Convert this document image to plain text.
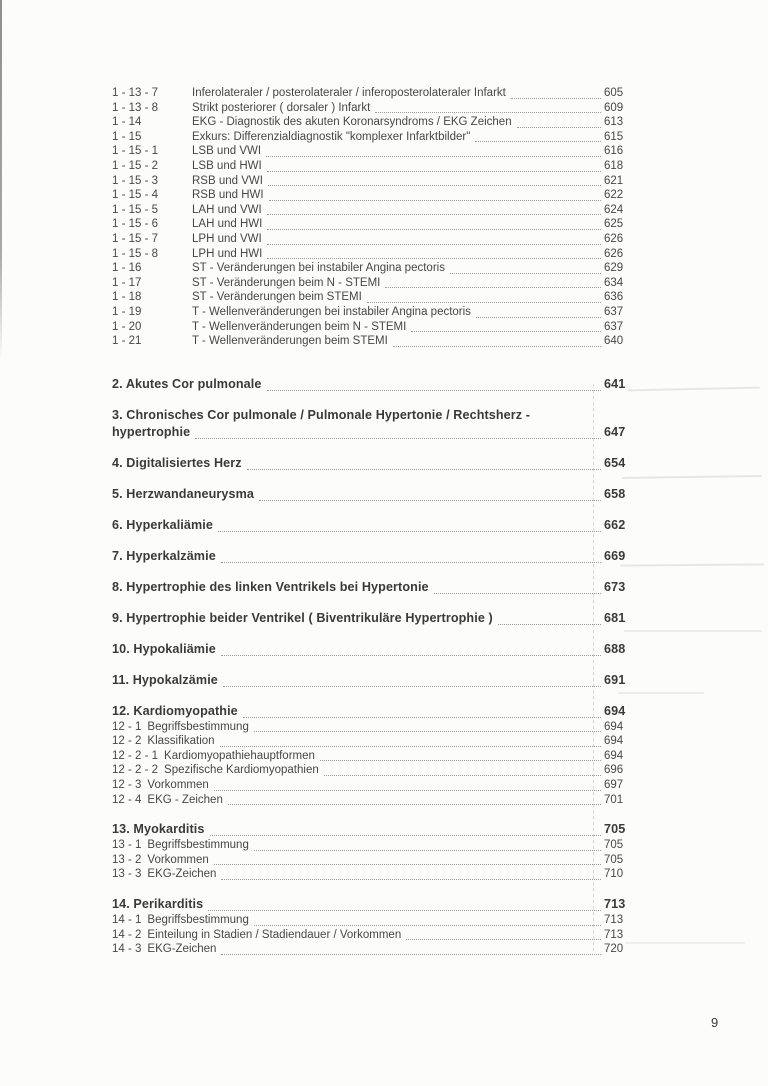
1 - 13 - 7	Inferolateraler / posterolateraler / inferoposterolateraler Infarkt	605
1 - 13 - 8	Strikt posteriorer ( dorsaler ) Infarkt	609
1 - 14	EKG - Diagnostik des akuten Koronarsyndroms / EKG Zeichen	613
1 - 15	Exkurs: Differenzialdiagnostik "komplexer Infarktbilder"	615
1 - 15 - 1	LSB und VWI	616
1 - 15 - 2	LSB und HWI	618
1 - 15 - 3	RSB und VWI	621
1 - 15 - 4	RSB und HWI	622
1 - 15 - 5	LAH und VWI	624
1 - 15 - 6	LAH und HWI	625
1 - 15 - 7	LPH und VWI	626
1 - 15 - 8	LPH und HWI	626
1 - 16	ST - Veränderungen bei instabiler Angina pectoris	629
1 - 17	ST - Veränderungen beim N - STEMI	634
1 - 18	ST - Veränderungen beim STEMI	636
1 - 19	T - Wellenveränderungen bei instabiler Angina pectoris	637
1 - 20	T - Wellenveränderungen beim N - STEMI	637
1 - 21	T - Wellenveränderungen beim STEMI	640
2. Akutes Cor pulmonale	641
3. Chronisches Cor pulmonale / Pulmonale Hypertonie / Rechtsherz -
hypertrophie	647
4. Digitalisiertes Herz	654
5. Herzwandaneurysma	658
6. Hyperkaliämie	662
7. Hyperkalzämie	669
8. Hypertrophie des linken Ventrikels bei Hypertonie	673
9. Hypertrophie beider Ventrikel ( Biventrikuläre Hypertrophie )	681
10. Hypokaliämie	688
11. Hypokalzämie	691
12. Kardiomyopathie	694
12 - 1 Begriffsbestimmung	694
12 - 2 Klassifikation	694
12 - 2 - 1 Kardiomyopathiehauptformen	694
12 - 2 - 2 Spezifische Kardiomyopathien	696
12 - 3 Vorkommen	697
12 - 4 EKG - Zeichen	701
13. Myokarditis	705
13 - 1 Begriffsbestimmung	705
13 - 2 Vorkommen	705
13 - 3 EKG-Zeichen	710
14. Perikarditis	713
14 - 1 Begriffsbestimmung	713
14 - 2 Einteilung in Stadien / Stadiendauer / Vorkommen	713
14 - 3 EKG-Zeichen	720
9
